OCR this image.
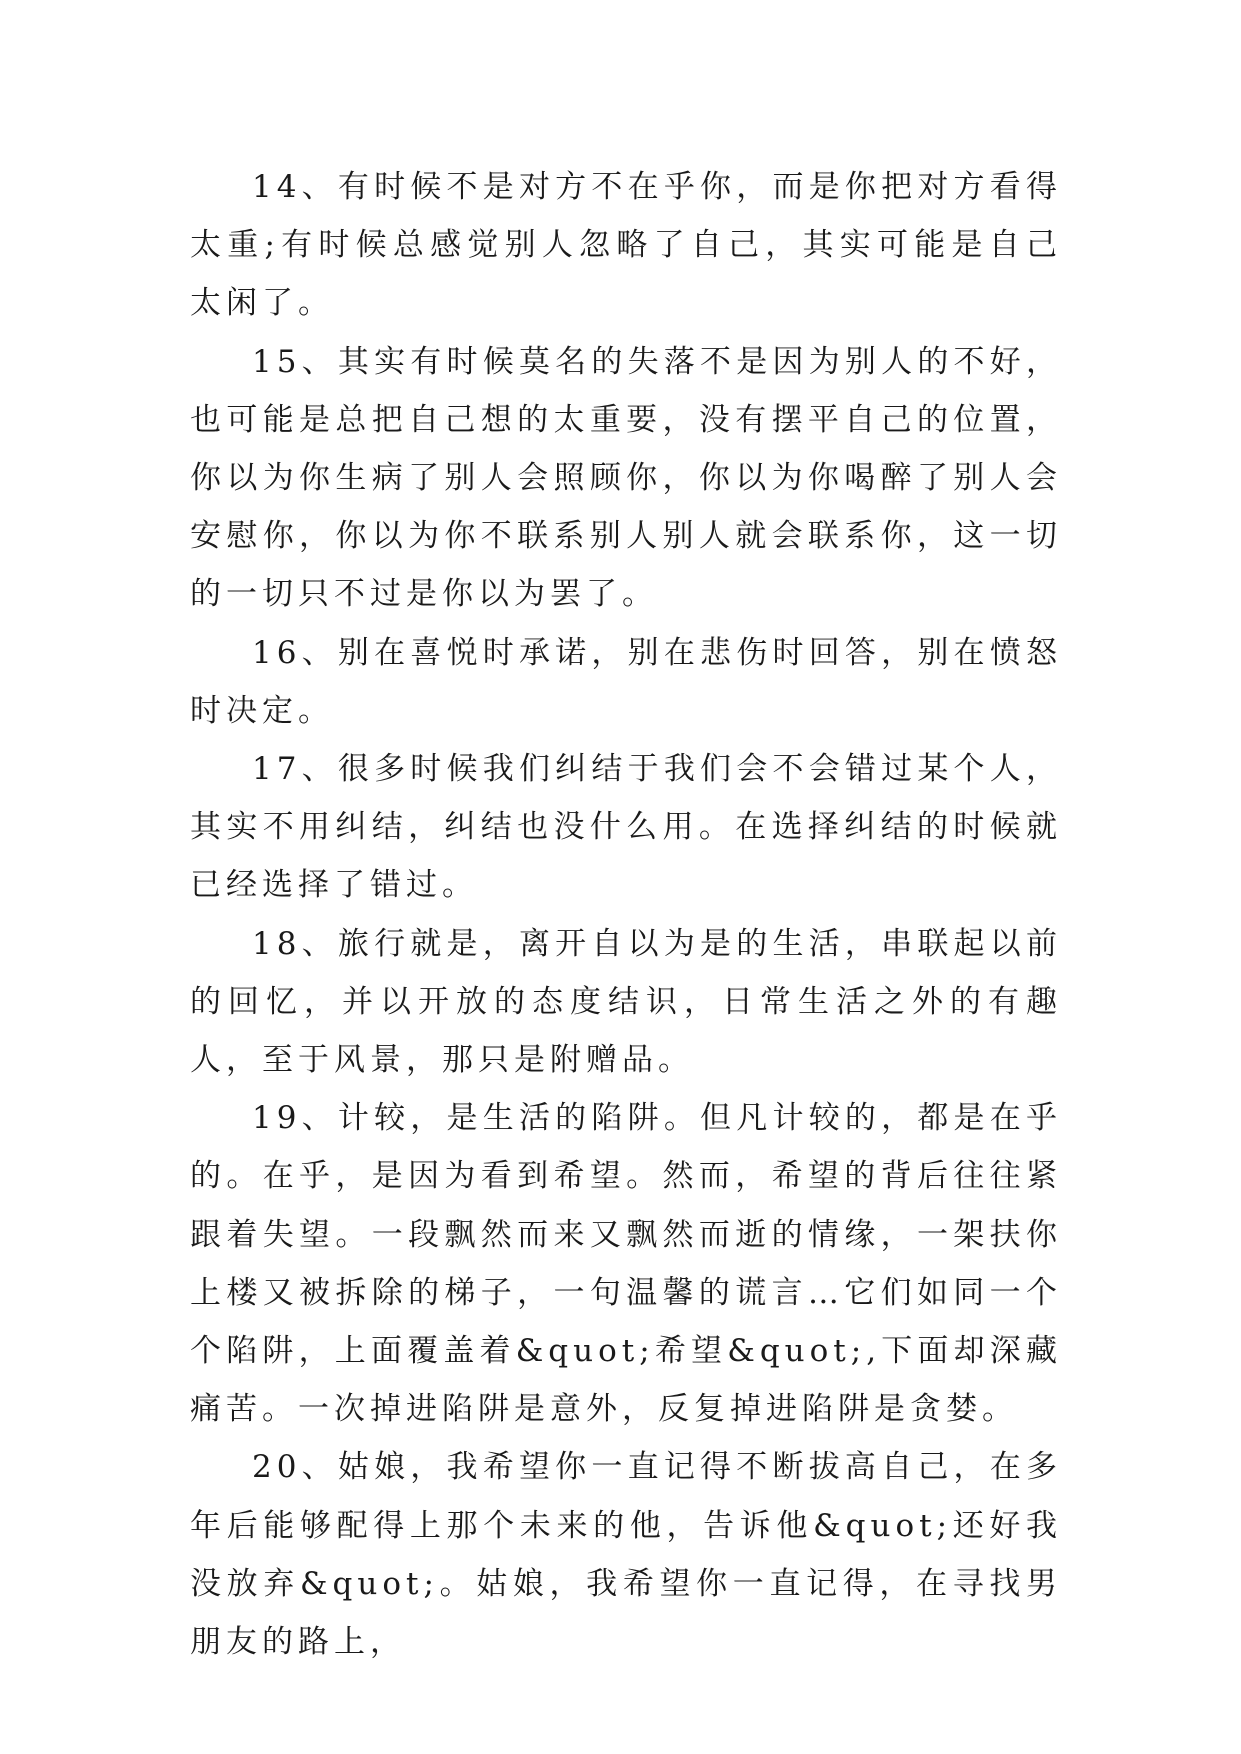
14、有时候不是对方不在乎你，而是你把对方看得太重;有时候总感觉别人忽略了自己，其实可能是自己太闲了。

15、其实有时候莫名的失落不是因为别人的不好，也可能是总把自己想的太重要，没有摆平自己的位置，你以为你生病了别人会照顾你，你以为你喝醉了别人会安慰你，你以为你不联系别人别人就会联系你，这一切的一切只不过是你以为罢了。

16、别在喜悦时承诺，别在悲伤时回答，别在愤怒时决定。

17、很多时候我们纠结于我们会不会错过某个人，其实不用纠结，纠结也没什么用。在选择纠结的时候就已经选择了错过。

18、旅行就是，离开自以为是的生活，串联起以前的回忆，并以开放的态度结识，日常生活之外的有趣人，至于风景，那只是附赠品。

19、计较，是生活的陷阱。但凡计较的，都是在乎的。在乎，是因为看到希望。然而，希望的背后往往紧跟着失望。一段飘然而来又飘然而逝的情缘，一架扶你上楼又被拆除的梯子，一句温馨的谎言…它们如同一个个陷阱，上面覆盖着&quot;希望&quot;,下面却深藏痛苦。一次掉进陷阱是意外，反复掉进陷阱是贪婪。

20、姑娘，我希望你一直记得不断拔高自己，在多年后能够配得上那个未来的他，告诉他&quot;还好我没放弃&quot;。姑娘，我希望你一直记得，在寻找男朋友的路上，
